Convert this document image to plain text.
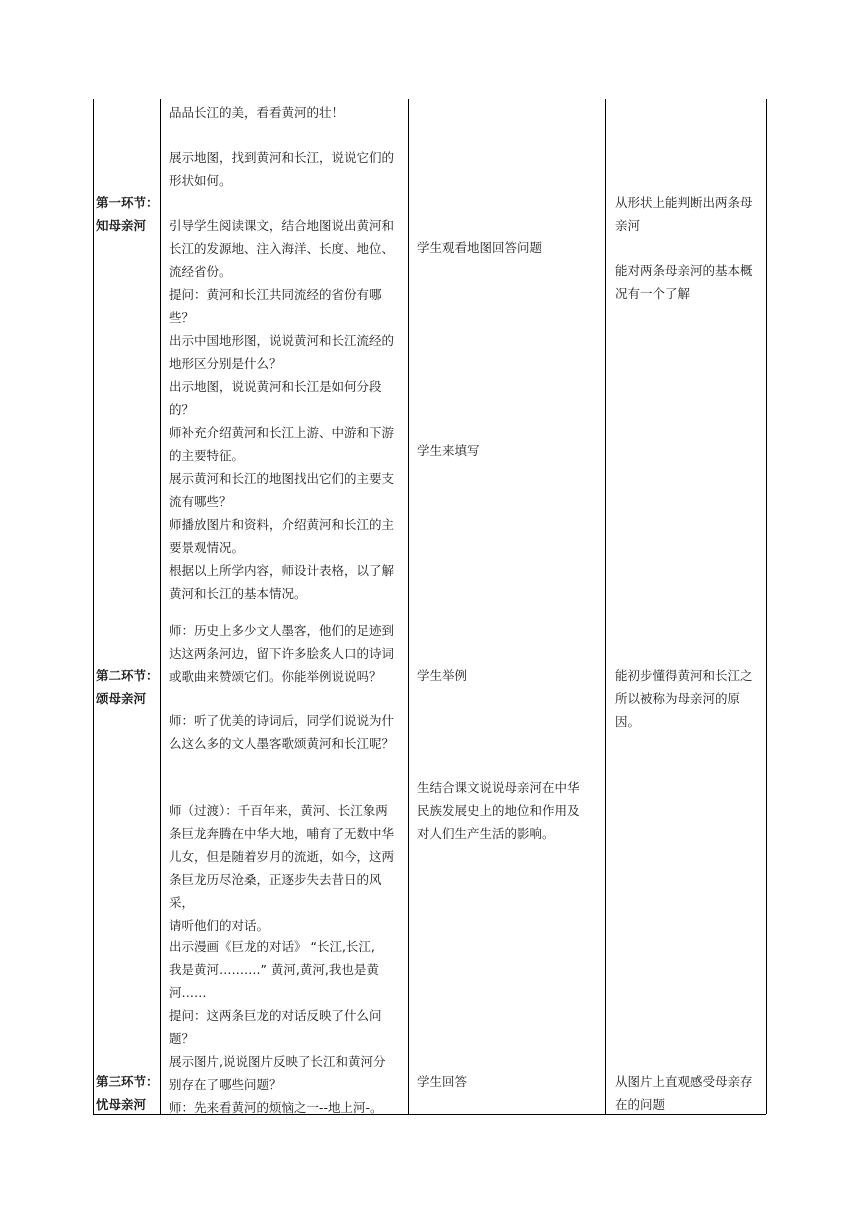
第一环节：
知母亲河
第二环节：
颂母亲河
第三环节：
忧母亲河
品品长江的美，看看黄河的壮！
展示地图，找到黄河和长江，说说它们的
形状如何。
引导学生阅读课文，结合地图说出黄河和
长江的发源地、注入海洋、长度、地位、
流经省份。
提问：黄河和长江共同流经的省份有哪
些？
出示中国地形图，说说黄河和长江流经的
地形区分别是什么？
出示地图，说说黄河和长江是如何分段
的？
师补充介绍黄河和长江上游、中游和下游
的主要特征。
展示黄河和长江的地图找出它们的主要支
流有哪些？
师播放图片和资料，介绍黄河和长江的主
要景观情况。
根据以上所学内容，师设计表格，以了解
黄河和长江的基本情况。
师：历史上多少文人墨客，他们的足迹到
达这两条河边，留下许多脍炙人口的诗词
或歌曲来赞颂它们。你能举例说说吗？
师：听了优美的诗词后，同学们说说为什
么这么多的文人墨客歌颂黄河和长江呢？
师（过渡）：千百年来，黄河、长江象两
条巨龙奔腾在中华大地，哺育了无数中华
儿女，但是随着岁月的流逝，如今，这两
条巨龙历尽沧桑，正逐步失去昔日的风采，
请听他们的对话。
出示漫画《巨龙的对话》 “长江,长江,
我是黄河……….” 黄河,黄河,我也是黄
河……
提问：这两条巨龙的对话反映了什么问
题？
展示图片,说说图片反映了长江和黄河分
别存在了哪些问题？
师：先来看黄河的烦恼之一--地上河-。
学生观看地图回答问题
学生来填写
学生举例
生结合课文说说母亲河在中华
民族发展史上的地位和作用及
对人们生产生活的影响。
学生回答
从形状上能判断出两条母
亲河
能对两条母亲河的基本概
况有一个了解
能初步懂得黄河和长江之
所以被称为母亲河的原
因。
从图片上直观感受母亲存
在的问题
